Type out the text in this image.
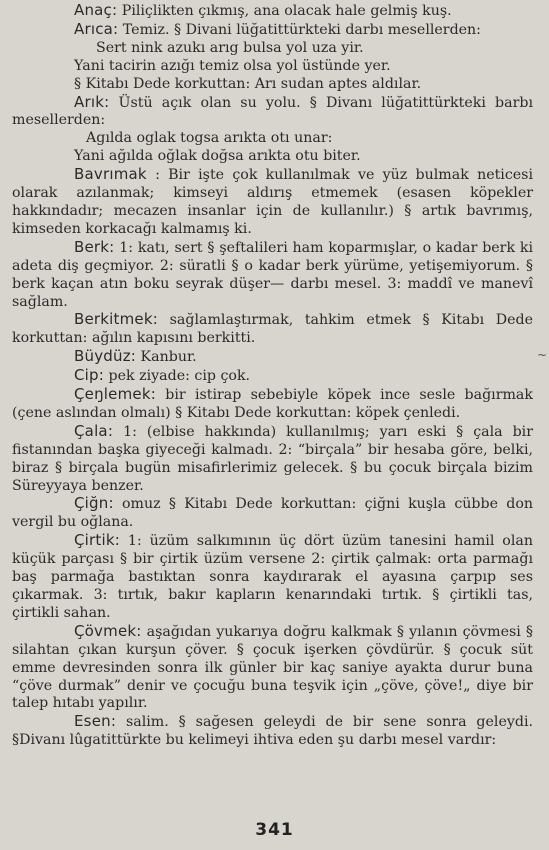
Anaç: Piliçlikten çıkmış, ana olacak hale gelmiş kuş.

Arıca: Temiz. § Divani lüğatittürkteki darbı mesellerden:

Sert nink azukı arıg bulsa yol uza yir.

Yani tacirin azığı temiz olsa yol üstünde yer.

§ Kitabı Dede korkuttan: Arı sudan aptes aldılar.

Arık: Üstü açık olan su yolu. § Divanı lüğatittürkteki barbı mesellerden:

Agılda oglak togsa arıkta otı unar:

Yani ağılda oğlak doğsa arıkta otu biter.

Bavrımak : Bir işte çok kullanılmak ve yüz bulmak neticesi olarak azılanmak; kimseyi aldırış etmemek (esasen köpekler hakkındadır; mecazen insanlar için de kullanılır.) § artık bavrımış, kimseden korkacağı kalmamış ki.

Berk: 1: katı, sert § şeftalileri ham koparmışlar, o kadar berk ki adeta diş geçmiyor. 2: süratli § o kadar berk yürüme, yetişemiyorum. § berk kaçan atın boku seyrak düşer— darbı mesel. 3: maddî ve manevî sağlam.

Berkitmek: sağlamlaştırmak, tahkim etmek § Kitabı Dede korkuttan: ağılın kapısını berkitti.

Büydüz: Kanbur.

Cip: pek ziyade: cip çok.

Çeŋlemek: bir istirap sebebiyle köpek ince sesle bağırmak (çene aslından olmalı) § Kitabı Dede korkuttan: köpek çenledi.

Çala: 1: (elbise hakkında) kullanılmış; yarı eski § çala bir fistanından başka giyeceği kalmadı. 2: “birçala” bir hesaba göre, belki, biraz § birçala bugün misafirlerimiz gelecek. § bu çocuk birçala bizim Süreyyaya benzer.

Çiğn: omuz § Kitabı Dede korkuttan: çiğni kuşla cübbe don vergil bu oğlana.

Çirtik: 1: üzüm salkımının üç dört üzüm tanesini hamil olan küçük parçası § bir çirtik üzüm versene 2: çirtik çalmak: orta parmağı baş parmağa bastıktan sonra kaydırarak el ayasına çarpıp ses çıkarmak. 3: tırtık, bakır kapların kenarındaki tırtık. § çirtikli tas, çirtikli sahan.

Çövmek: aşağıdan yukarıya doğru kalkmak § yılanın çövmesi § silahtan çıkan kurşun çöver. § çocuk işerken çövdürür. § çocuk süt emme devresinden sonra ilk günler bir kaç saniye ayakta durur buna “çöve durmak” denir ve çocuğu buna teşvik için „çöve, çöve!„ diye bir talep hıtabı yapılır.

Esen: salim. § sağesen geleydi de bir sene sonra geleydi. §Divanı lûgatittürkte bu kelimeyi ihtiva eden şu darbı mesel vardır:

~
341
